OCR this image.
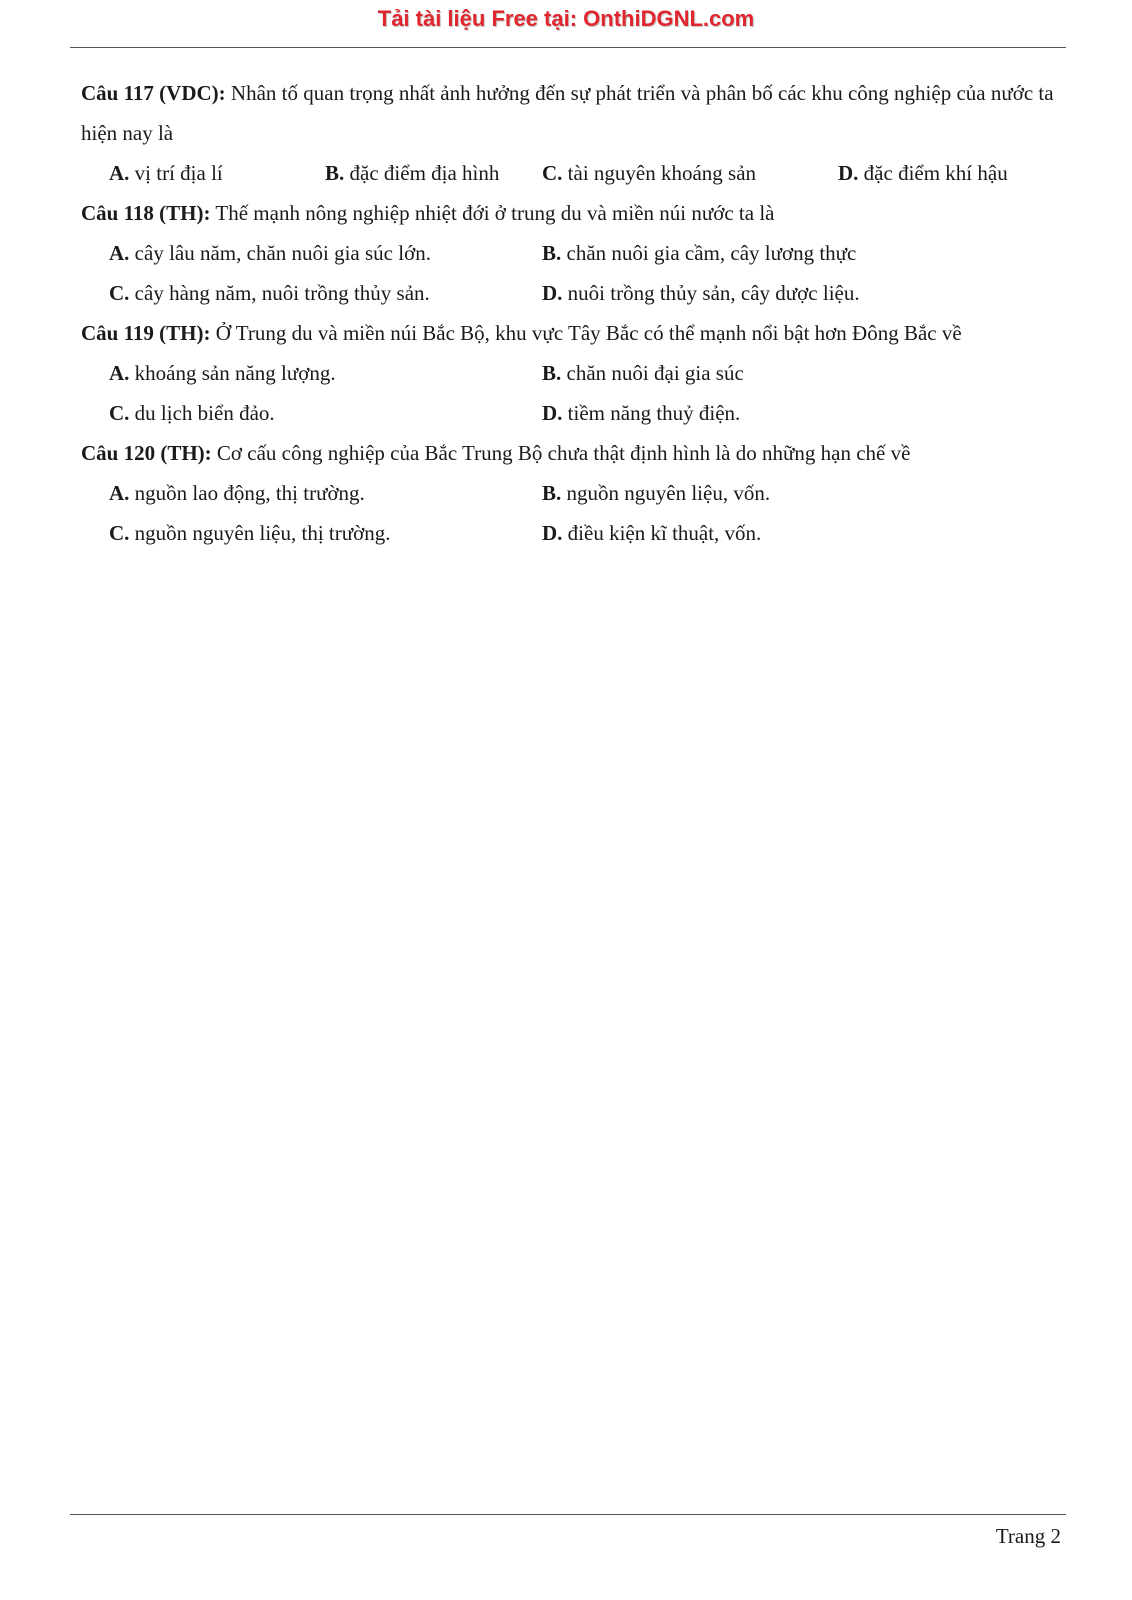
Tải tài liệu Free tại: OnthiDGNL.com
Câu 117 (VDC): Nhân tố quan trọng nhất ảnh hưởng đến sự phát triển và phân bố các khu công nghiệp của nước ta hiện nay là
A. vị trí địa lí	B. đặc điểm địa hình	C. tài nguyên khoáng sản	D. đặc điểm khí hậu
Câu 118 (TH): Thế mạnh nông nghiệp nhiệt đới ở trung du và miền núi nước ta là
A. cây lâu năm, chăn nuôi gia súc lớn.	B. chăn nuôi gia cầm, cây lương thực
C. cây hàng năm, nuôi trồng thủy sản.	D. nuôi trồng thủy sản, cây dược liệu.
Câu 119 (TH): Ở Trung du và miền núi Bắc Bộ, khu vực Tây Bắc có thể mạnh nổi bật hơn Đông Bắc về
A. khoáng sản năng lượng.	B. chăn nuôi đại gia súc
C. du lịch biển đảo.	D. tiềm năng thuỷ điện.
Câu 120 (TH): Cơ cấu công nghiệp của Bắc Trung Bộ chưa thật định hình là do những hạn chế về
A. nguồn lao động, thị trường.	B. nguồn nguyên liệu, vốn.
C. nguồn nguyên liệu, thị trường.	D. điều kiện kĩ thuật, vốn.
Trang 2
